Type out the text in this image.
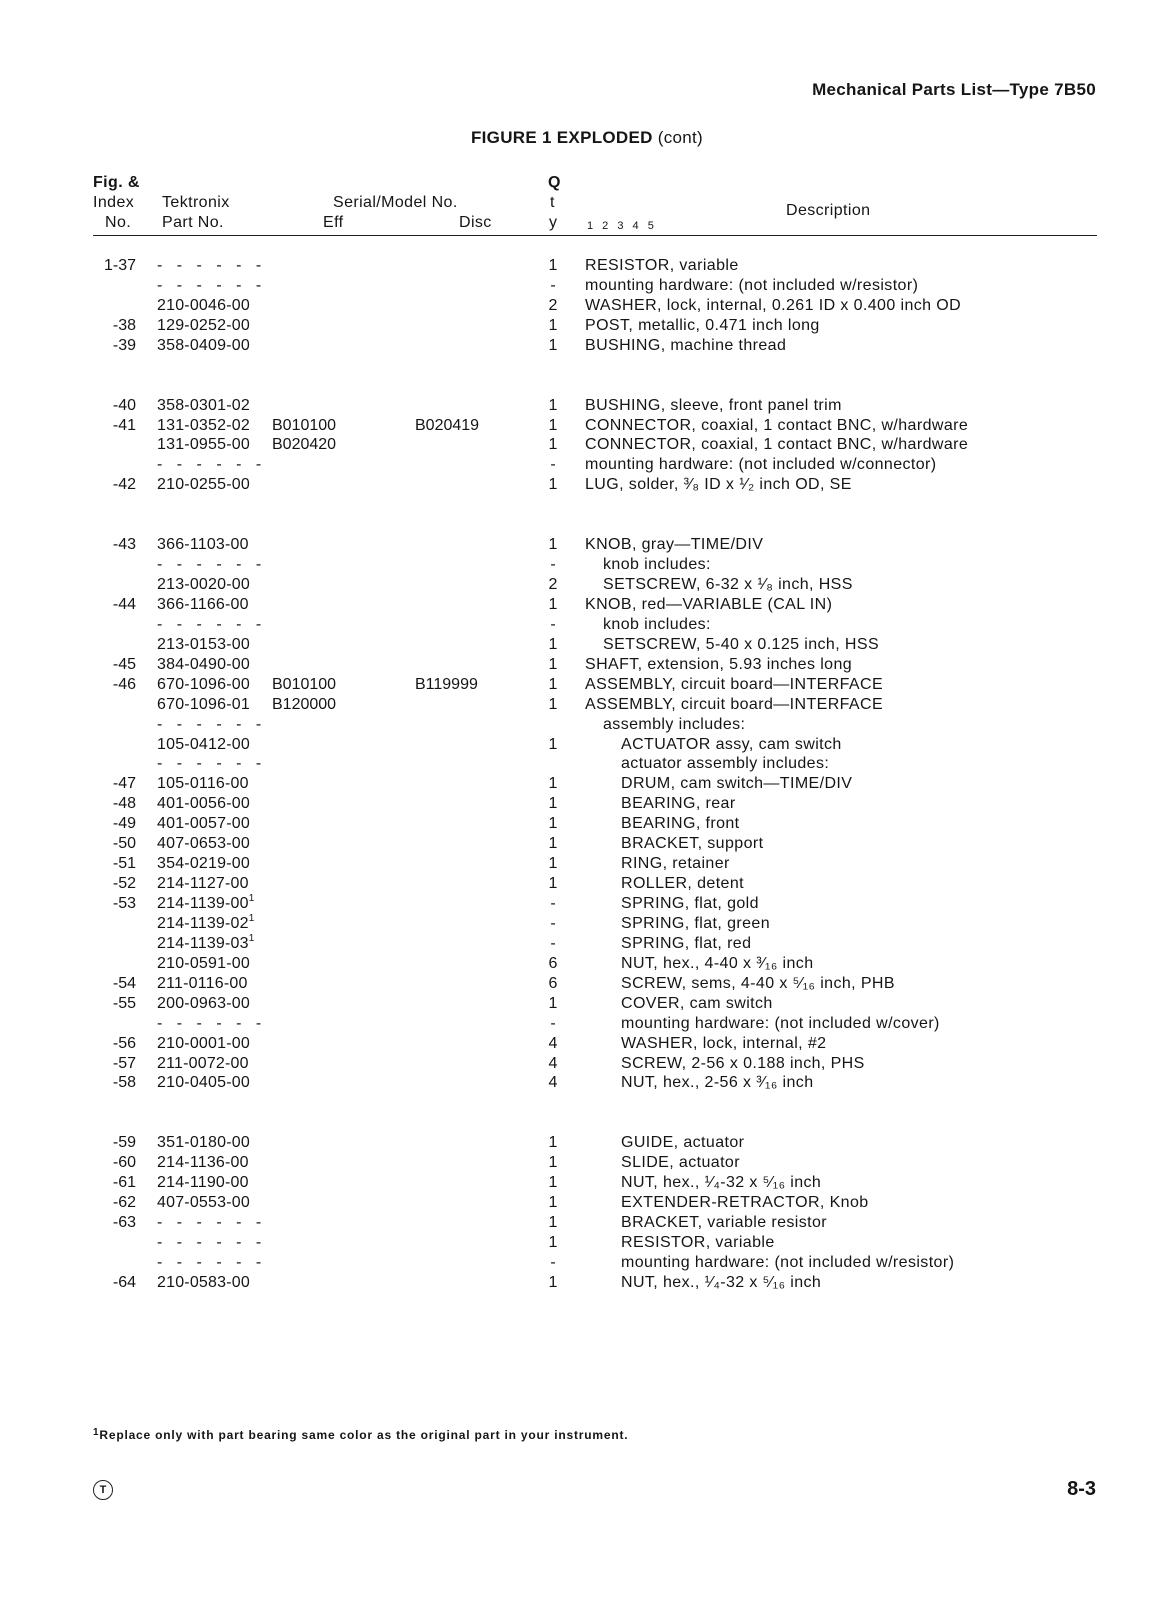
Mechanical Parts List—Type 7B50
FIGURE 1 EXPLODED (cont)
Fig. &
Index
No.
Tektronix
Part No.
Serial/Model No.
Eff	Disc
Q
t
y	1 2 3 4 5
Description
1-37 - - - - - -	1 RESISTOR, variable
- - - - - -	- mounting hardware: (not included w/resistor)
210-0046-00	2 WASHER, lock, internal, 0.261 ID x 0.400 inch OD
-38 129-0252-00	1 POST, metallic, 0.471 inch long
-39 358-0409-00	1 BUSHING, machine thread
-40 358-0301-02	1 BUSHING, sleeve, front panel trim
-41 131-0352-02 B010100	B020419	1 CONNECTOR, coaxial, 1 contact BNC, w/hardware
131-0955-00 B020420	1 CONNECTOR, coaxial, 1 contact BNC, w/hardware
- - - - - -	- mounting hardware: (not included w/connector)
-42 210-0255-00	1 LUG, solder, ³⁄₈ ID x ¹⁄₂ inch OD, SE
-43 366-1103-00	1 KNOB, gray—TIME/DIV
- - - - - -	-	knob includes:
213-0020-00	2	SETSCREW, 6-32 x ¹⁄₈ inch, HSS
-44 366-1166-00	1 KNOB, red—VARIABLE (CAL IN)
- - - - - -	-	knob includes:
213-0153-00	1	SETSCREW, 5-40 x 0.125 inch, HSS
-45 384-0490-00	1 SHAFT, extension, 5.93 inches long
-46 670-1096-00 B010100	B119999	1 ASSEMBLY, circuit board—INTERFACE
670-1096-01 B120000	1 ASSEMBLY, circuit board—INTERFACE
- - - - - -	assembly includes:
105-0412-00	1	ACTUATOR assy, cam switch
- - - - - -	actuator assembly includes:
-47 105-0116-00	1	DRUM, cam switch—TIME/DIV
-48 401-0056-00	1	BEARING, rear
-49 401-0057-00	1	BEARING, front
-50 407-0653-00	1	BRACKET, support
-51 354-0219-00	1	RING, retainer
-52 214-1127-00	1	ROLLER, detent
-53 $214-1139-00^1$	-	SPRING, flat, gold
$214-1139-02^1$	-	SPRING, flat, green
$214-1139-03^1$	-	SPRING, flat, red
210-0591-00	6	NUT, hex., 4-40 x ³⁄₁₆ inch
-54 211-0116-00	6	SCREW, sems, 4-40 x ⁵⁄₁₆ inch, PHB
-55 200-0963-00	1	COVER, cam switch
- - - - - -	-	mounting hardware: (not included w/cover)
-56 210-0001-00	4	WASHER, lock, internal, #2
-57 211-0072-00	4	SCREW, 2-56 x 0.188 inch, PHS
-58 210-0405-00	4	NUT, hex., 2-56 x ³⁄₁₆ inch
-59 351-0180-00	1	GUIDE, actuator
-60 214-1136-00	1	SLIDE, actuator
-61 214-1190-00	1	NUT, hex., ¹⁄₄-32 x ⁵⁄₁₆ inch
-62 407-0553-00	1	EXTENDER-RETRACTOR, Knob
-63 - - - - - -	1	BRACKET, variable resistor
- - - - - -	1	RESISTOR, variable
- - - - - -	-	mounting hardware: (not included w/resistor)
-64 210-0583-00	1	NUT, hex., ¹⁄₄-32 x ⁵⁄₁₆ inch
$^1$Replace only with part bearing same color as the original part in your instrument.
T	8-3
